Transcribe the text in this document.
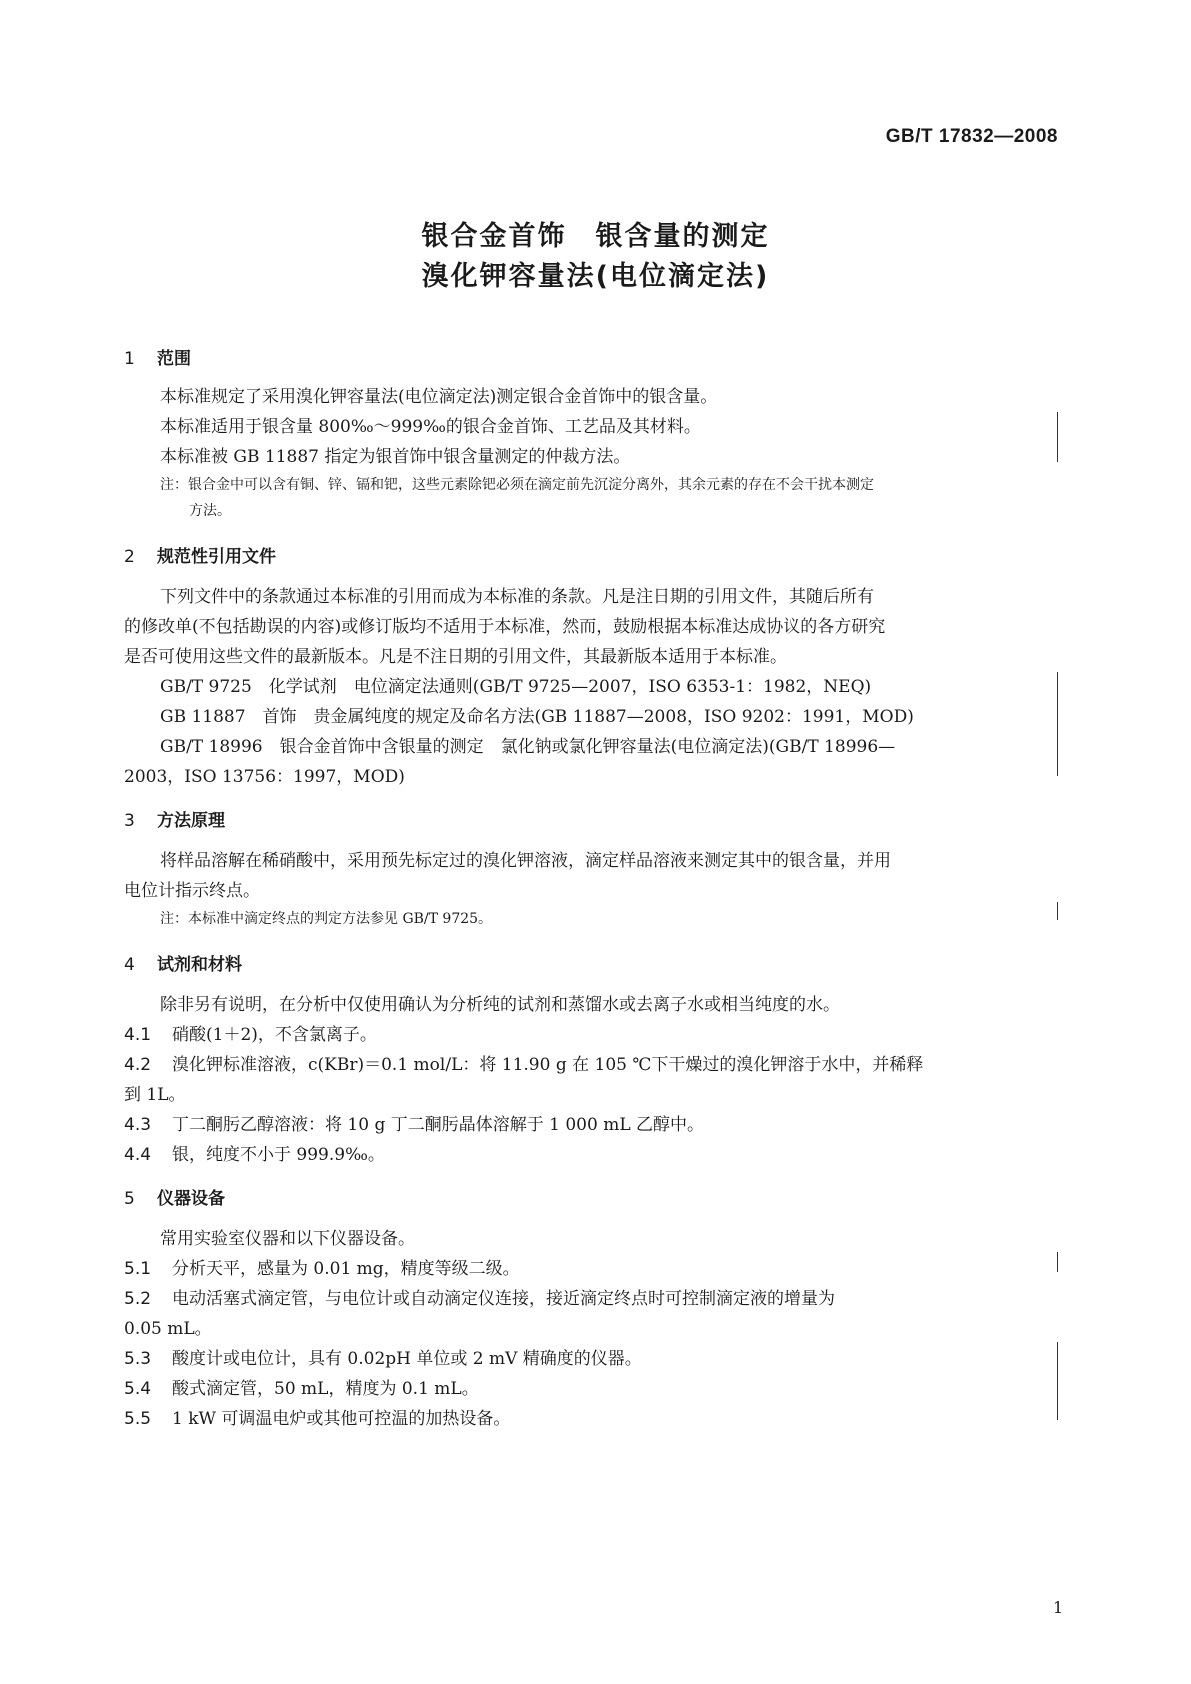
GB/T 17832—2008
银合金首饰　银含量的测定
溴化钾容量法(电位滴定法)
1 范围
本标准规定了采用溴化钾容量法(电位滴定法)测定银合金首饰中的银含量。
本标准适用于银含量 800‰～999‰的银合金首饰、工艺品及其材料。
本标准被 GB 11887 指定为银首饰中银含量测定的仲裁方法。
注：银合金中可以含有铜、锌、镉和钯，这些元素除钯必须在滴定前先沉淀分离外，其余元素的存在不会干扰本测定
方法。
2 规范性引用文件
下列文件中的条款通过本标准的引用而成为本标准的条款。凡是注日期的引用文件，其随后所有
的修改单(不包括勘误的内容)或修订版均不适用于本标准，然而，鼓励根据本标准达成协议的各方研究
是否可使用这些文件的最新版本。凡是不注日期的引用文件，其最新版本适用于本标准。
GB/T 9725　化学试剂　电位滴定法通则(GB/T 9725—2007，ISO 6353-1：1982，NEQ)
GB 11887　首饰　贵金属纯度的规定及命名方法(GB 11887—2008，ISO 9202：1991，MOD)
GB/T 18996　银合金首饰中含银量的测定　氯化钠或氯化钾容量法(电位滴定法)(GB/T 18996—
2003，ISO 13756：1997，MOD)
3 方法原理
将样品溶解在稀硝酸中，采用预先标定过的溴化钾溶液，滴定样品溶液来测定其中的银含量，并用
电位计指示终点。
注：本标准中滴定终点的判定方法参见 GB/T 9725。
4 试剂和材料
除非另有说明，在分析中仅使用确认为分析纯的试剂和蒸馏水或去离子水或相当纯度的水。
4.1 硝酸(1＋2)，不含氯离子。
4.2 溴化钾标准溶液，c(KBr)＝0.1 mol/L：将 11.90 g 在 105 ℃下干燥过的溴化钾溶于水中，并稀释
到 1L。
4.3 丁二酮肟乙醇溶液：将 10 g 丁二酮肟晶体溶解于 1 000 mL 乙醇中。
4.4 银，纯度不小于 999.9‰。
5 仪器设备
常用实验室仪器和以下仪器设备。
5.1 分析天平，感量为 0.01 mg，精度等级二级。
5.2 电动活塞式滴定管，与电位计或自动滴定仪连接，接近滴定终点时可控制滴定液的增量为
0.05 mL。
5.3 酸度计或电位计，具有 0.02pH 单位或 2 mV 精确度的仪器。
5.4 酸式滴定管，50 mL，精度为 0.1 mL。
5.5 1 kW 可调温电炉或其他可控温的加热设备。
1
